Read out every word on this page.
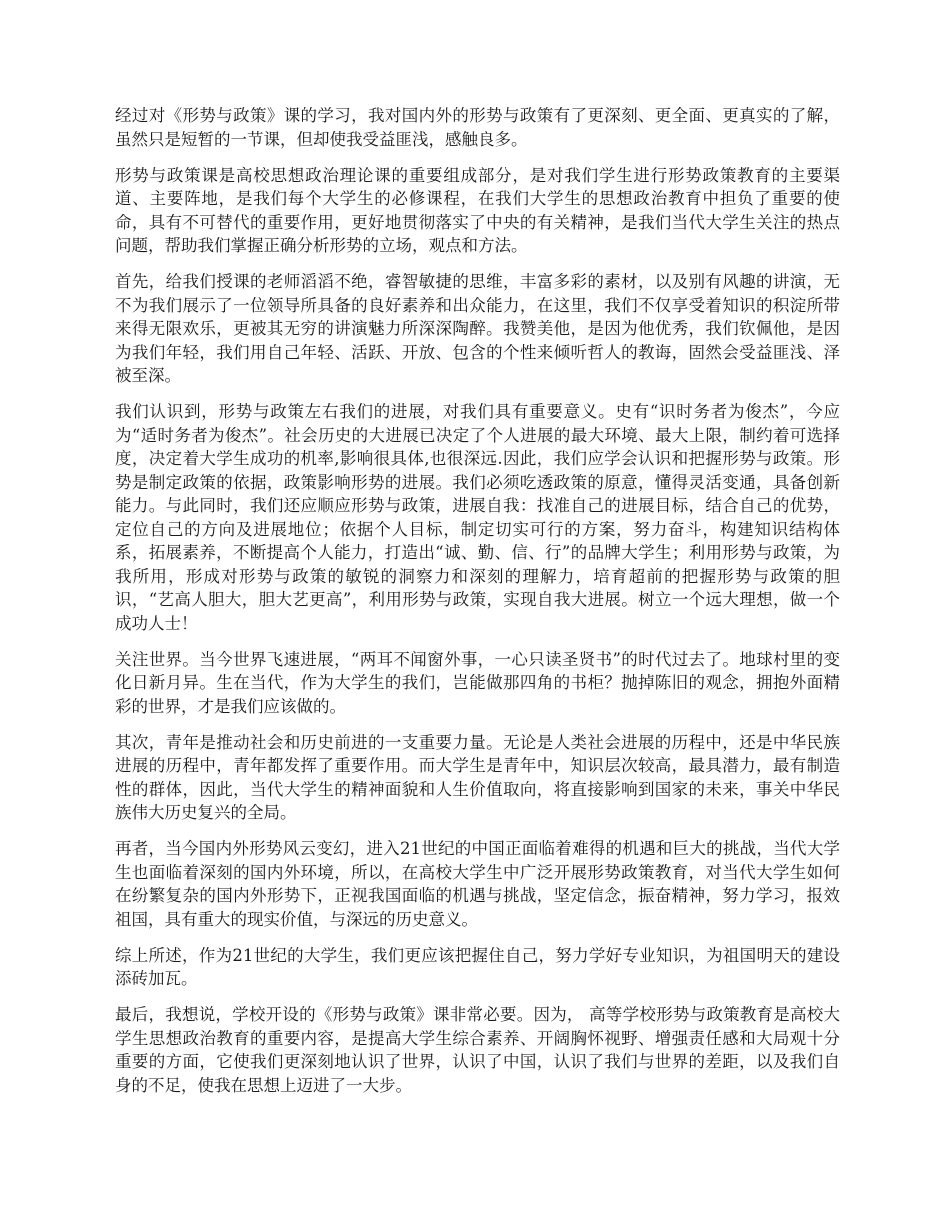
经过对《形势与政策》课的学习，我对国内外的形势与政策有了更深刻、更全面、更真实的了解，虽然只是短暂的一节课，但却使我受益匪浅，感触良多。

形势与政策课是高校思想政治理论课的重要组成部分，是对我们学生进行形势政策教育的主要渠道、主要阵地，是我们每个大学生的必修课程，在我们大学生的思想政治教育中担负了重要的使命，具有不可替代的重要作用，更好地贯彻落实了中央的有关精神，是我们当代大学生关注的热点问题，帮助我们掌握正确分析形势的立场，观点和方法。

首先，给我们授课的老师滔滔不绝，睿智敏捷的思维，丰富多彩的素材，以及别有风趣的讲演，无不为我们展示了一位领导所具备的良好素养和出众能力，在这里，我们不仅享受着知识的积淀所带来得无限欢乐，更被其无穷的讲演魅力所深深陶醉。我赞美他，是因为他优秀，我们钦佩他，是因为我们年轻，我们用自己年轻、活跃、开放、包含的个性来倾听哲人的教诲，固然会受益匪浅、泽被至深。

我们认识到，形势与政策左右我们的进展，对我们具有重要意义。史有“识时务者为俊杰”，今应为“适时务者为俊杰”。社会历史的大进展已决定了个人进展的最大环境、最大上限，制约着可选择度，决定着大学生成功的机率,影响很具体,也很深远.因此，我们应学会认识和把握形势与政策。形势是制定政策的依据，政策影响形势的进展。我们必须吃透政策的原意，懂得灵活变通，具备创新能力。与此同时，我们还应顺应形势与政策，进展自我：找准自己的进展目标，结合自己的优势，定位自己的方向及进展地位；依据个人目标，制定切实可行的方案，努力奋斗，构建知识结构体系，拓展素养，不断提高个人能力，打造出“诚、勤、信、行”的品牌大学生；利用形势与政策，为我所用，形成对形势与政策的敏锐的洞察力和深刻的理解力，培育超前的把握形势与政策的胆识，“艺高人胆大，胆大艺更高”，利用形势与政策，实现自我大进展。树立一个远大理想，做一个成功人士！

关注世界。当今世界飞速进展，“两耳不闻窗外事，一心只读圣贤书”的时代过去了。地球村里的变化日新月异。生在当代，作为大学生的我们，岂能做那四角的书柜？抛掉陈旧的观念，拥抱外面精彩的世界，才是我们应该做的。

其次，青年是推动社会和历史前进的一支重要力量。无论是人类社会进展的历程中，还是中华民族进展的历程中，青年都发挥了重要作用。而大学生是青年中，知识层次较高，最具潜力，最有制造性的群体，因此，当代大学生的精神面貌和人生价值取向，将直接影响到国家的未来，事关中华民族伟大历史复兴的全局。

再者，当今国内外形势风云变幻，进入21世纪的中国正面临着难得的机遇和巨大的挑战，当代大学生也面临着深刻的国内外环境，所以，在高校大学生中广泛开展形势政策教育，对当代大学生如何在纷繁复杂的国内外形势下，正视我国面临的机遇与挑战，坚定信念，振奋精神，努力学习，报效祖国，具有重大的现实价值，与深远的历史意义。

综上所述，作为21世纪的大学生，我们更应该把握住自己，努力学好专业知识，为祖国明天的建设添砖加瓦。

最后，我想说，学校开设的《形势与政策》课非常必要。因为， 高等学校形势与政策教育是高校大学生思想政治教育的重要内容，是提高大学生综合素养、开阔胸怀视野、增强责任感和大局观十分重要的方面，它使我们更深刻地认识了世界，认识了中国，认识了我们与世界的差距，以及我们自身的不足，使我在思想上迈进了一大步。
